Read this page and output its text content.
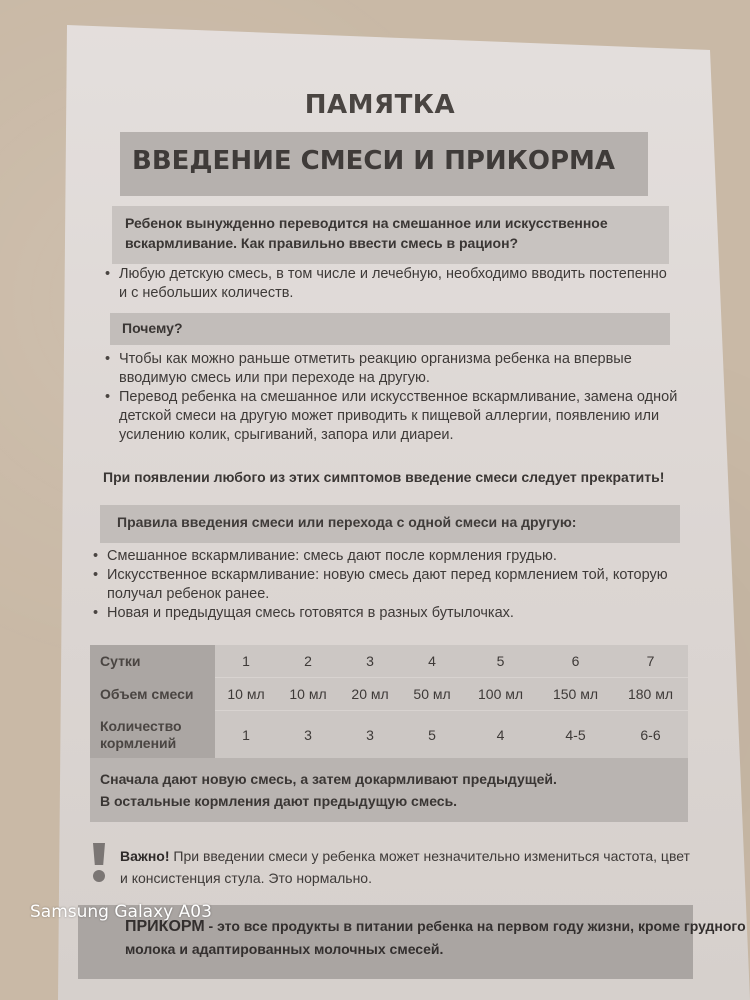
ПАМЯТКА
ВВЕДЕНИЕ СМЕСИ И ПРИКОРМА
Ребенок вынужденно переводится на смешанное или искусственное
вскармливание. Как правильно ввести смесь в рацион?
• Любую детскую смесь, в том числе и лечебную, необходимо вводить постепенно и с небольших количеств.
Почему?
• Чтобы как можно раньше отметить реакцию организма ребенка на впервые вводимую смесь или при переходе на другую.
• Перевод ребенка на смешанное или искусственное вскармливание, замена одной детской смеси на другую может приводить к пищевой аллергии, появлению или усилению колик, срыгиваний, запора или диареи.
При появлении любого из этих симптомов введение смеси следует прекратить!
Правила введения смеси или перехода с одной смеси на другую:
• Смешанное вскармливание: смесь дают после кормления грудью.
• Искусственное вскармливание: новую смесь дают перед кормлением той, которую получал ребенок ранее.
• Новая и предыдущая смесь готовятся в разных бутылочках.
Сутки	1	2	3	4	5	6	7
Объем смеси	10 мл	10 мл	20 мл	50 мл	100 мл	150 мл	180 мл

Количество
кормлений	1	3	3	5	4	4-5	6-6
Сначала дают новую смесь, а затем докармливают предыдущей.
В остальные кормления дают предыдущую смесь.
Важно! При введении смеси у ребенка может незначительно измениться частота, цвет и консистенция стула. Это нормально.
ПРИКОРМ - это все продукты в питании ребенка на первом году жизни, кроме грудного молока и адаптированных молочных смесей.
Samsung Galaxy A03
